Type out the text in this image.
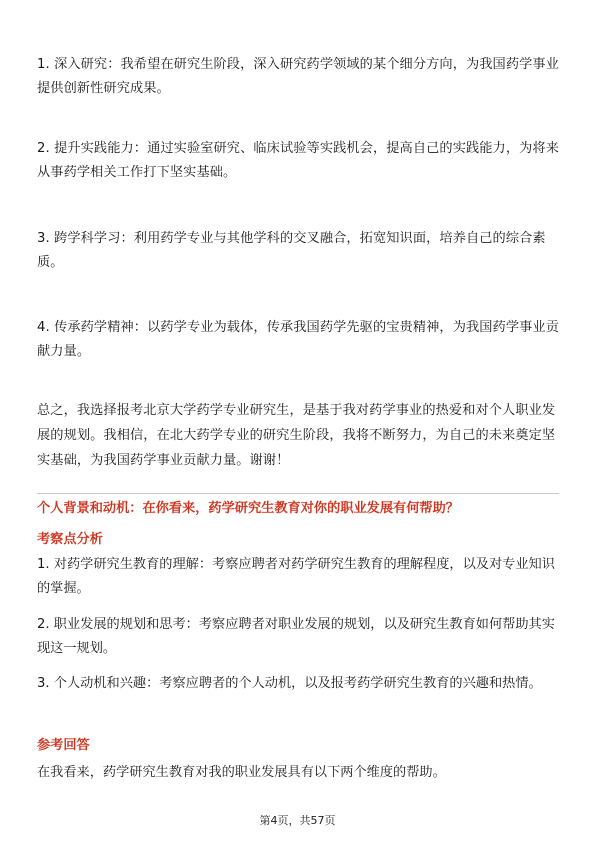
1. 深入研究：我希望在研究生阶段，深入研究药学领域的某个细分方向，为我国药学事业提供创新性研究成果。

2. 提升实践能力：通过实验室研究、临床试验等实践机会，提高自己的实践能力，为将来从事药学相关工作打下坚实基础。

3. 跨学科学习：利用药学专业与其他学科的交叉融合，拓宽知识面，培养自己的综合素质。

4. 传承药学精神：以药学专业为载体，传承我国药学先驱的宝贵精神，为我国药学事业贡献力量。

总之，我选择报考北京大学药学专业研究生，是基于我对药学事业的热爱和对个人职业发展的规划。我相信，在北大药学专业的研究生阶段，我将不断努力，为自己的未来奠定坚实基础，为我国药学事业贡献力量。谢谢！

个人背景和动机：在你看来，药学研究生教育对你的职业发展有何帮助？

考察点分析

1. 对药学研究生教育的理解：考察应聘者对药学研究生教育的理解程度，以及对专业知识的掌握。

2. 职业发展的规划和思考：考察应聘者对职业发展的规划，以及研究生教育如何帮助其实现这一规划。

3. 个人动机和兴趣：考察应聘者的个人动机，以及报考药学研究生教育的兴趣和热情。

参考回答

在我看来，药学研究生教育对我的职业发展具有以下两个维度的帮助。

第4页，共57页
